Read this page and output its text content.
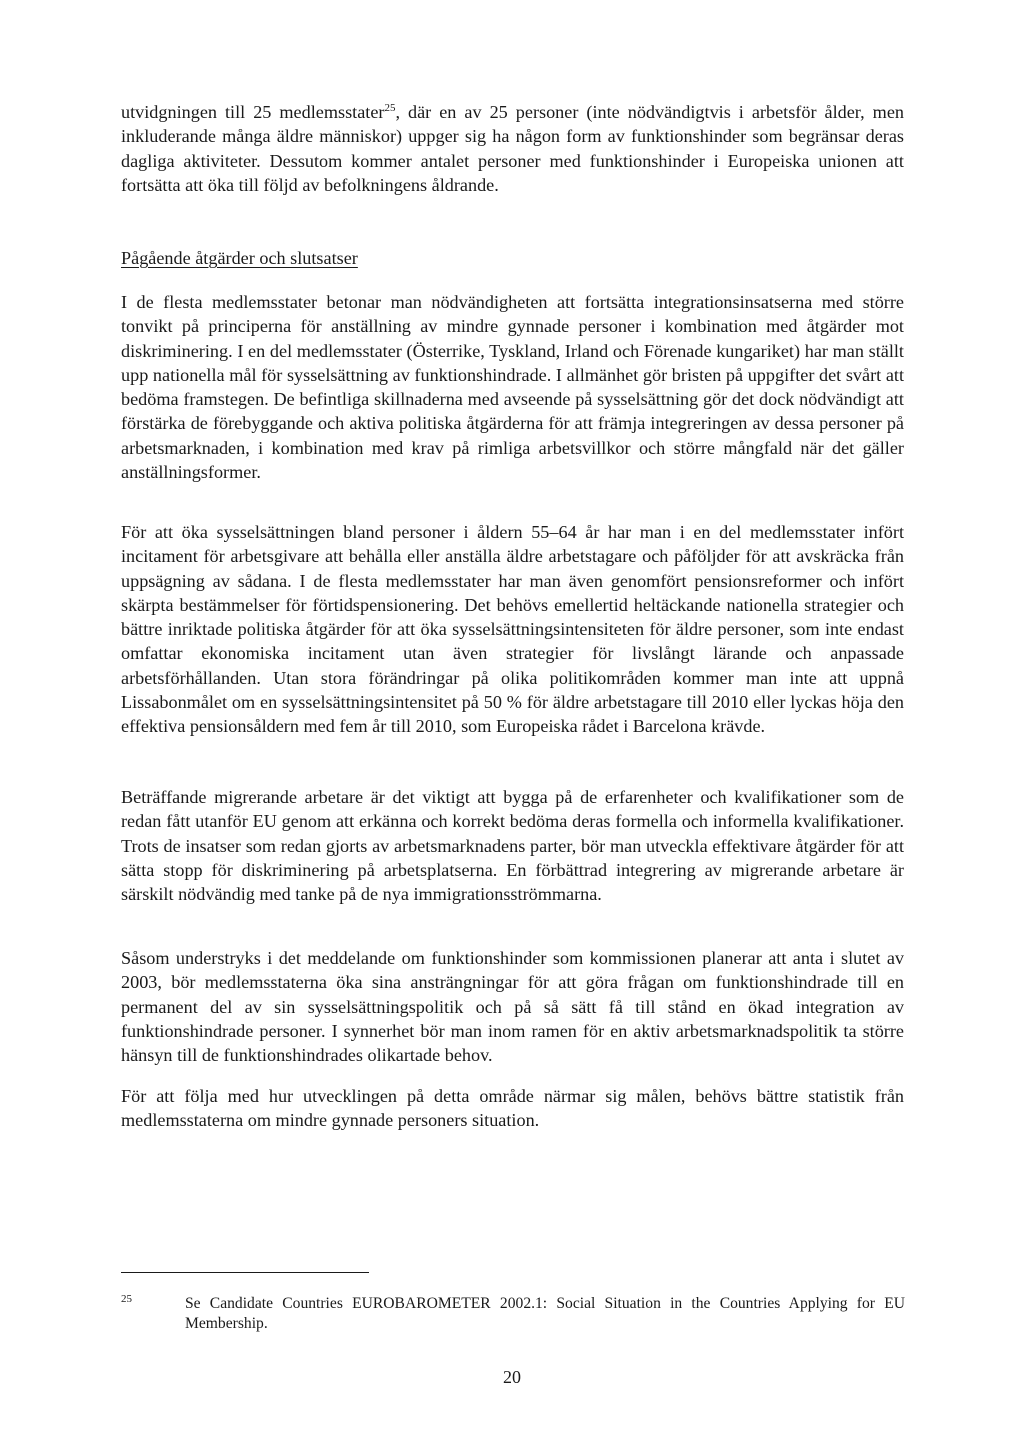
utvidgningen till 25 medlemsstater$^{25}$, där en av 25 personer (inte nödvändigtvis i arbetsför ålder, men inkluderande många äldre människor) uppger sig ha någon form av funktionshinder som begränsar deras dagliga aktiviteter. Dessutom kommer antalet personer med funktionshinder i Europeiska unionen att fortsätta att öka till följd av befolkningens åldrande.

Pågående åtgärder och slutsatser

I de flesta medlemsstater betonar man nödvändigheten att fortsätta integrationsinsatserna med större tonvikt på principerna för anställning av mindre gynnade personer i kombination med åtgärder mot diskriminering. I en del medlemsstater (Österrike, Tyskland, Irland och Förenade kungariket) har man ställt upp nationella mål för sysselsättning av funktionshindrade. I allmänhet gör bristen på uppgifter det svårt att bedöma framstegen. De befintliga skillnaderna med avseende på sysselsättning gör det dock nödvändigt att förstärka de förebyggande och aktiva politiska åtgärderna för att främja integreringen av dessa personer på arbetsmarknaden, i kombination med krav på rimliga arbetsvillkor och större mångfald när det gäller anställningsformer.

För att öka sysselsättningen bland personer i åldern 55–64 år har man i en del medlemsstater infört incitament för arbetsgivare att behålla eller anställa äldre arbetstagare och påföljder för att avskräcka från uppsägning av sådana. I de flesta medlemsstater har man även genomfört pensionsreformer och infört skärpta bestämmelser för förtidspensionering. Det behövs emellertid heltäckande nationella strategier och bättre inriktade politiska åtgärder för att öka sysselsättningsintensiteten för äldre personer, som inte endast omfattar ekonomiska incitament utan även strategier för livslångt lärande och anpassade arbetsförhållanden. Utan stora förändringar på olika politikområden kommer man inte att uppnå Lissabonmålet om en sysselsättningsintensitet på 50 % för äldre arbetstagare till 2010 eller lyckas höja den effektiva pensionsåldern med fem år till 2010, som Europeiska rådet i Barcelona krävde.

Beträffande migrerande arbetare är det viktigt att bygga på de erfarenheter och kvalifikationer som de redan fått utanför EU genom att erkänna och korrekt bedöma deras formella och informella kvalifikationer. Trots de insatser som redan gjorts av arbetsmarknadens parter, bör man utveckla effektivare åtgärder för att sätta stopp för diskriminering på arbetsplatserna. En förbättrad integrering av migrerande arbetare är särskilt nödvändig med tanke på de nya immigrationsströmmarna.

Såsom understryks i det meddelande om funktionshinder som kommissionen planerar att anta i slutet av 2003, bör medlemsstaterna öka sina ansträngningar för att göra frågan om funktionshindrade till en permanent del av sin sysselsättningspolitik och på så sätt få till stånd en ökad integration av funktionshindrade personer. I synnerhet bör man inom ramen för en aktiv arbetsmarknadspolitik ta större hänsyn till de funktionshindrades olikartade behov.

För att följa med hur utvecklingen på detta område närmar sig målen, behövs bättre statistik från medlemsstaterna om mindre gynnade personers situation.

25	Se Candidate Countries EUROBAROMETER 2002.1: Social Situation in the Countries Applying for EU Membership.

20
